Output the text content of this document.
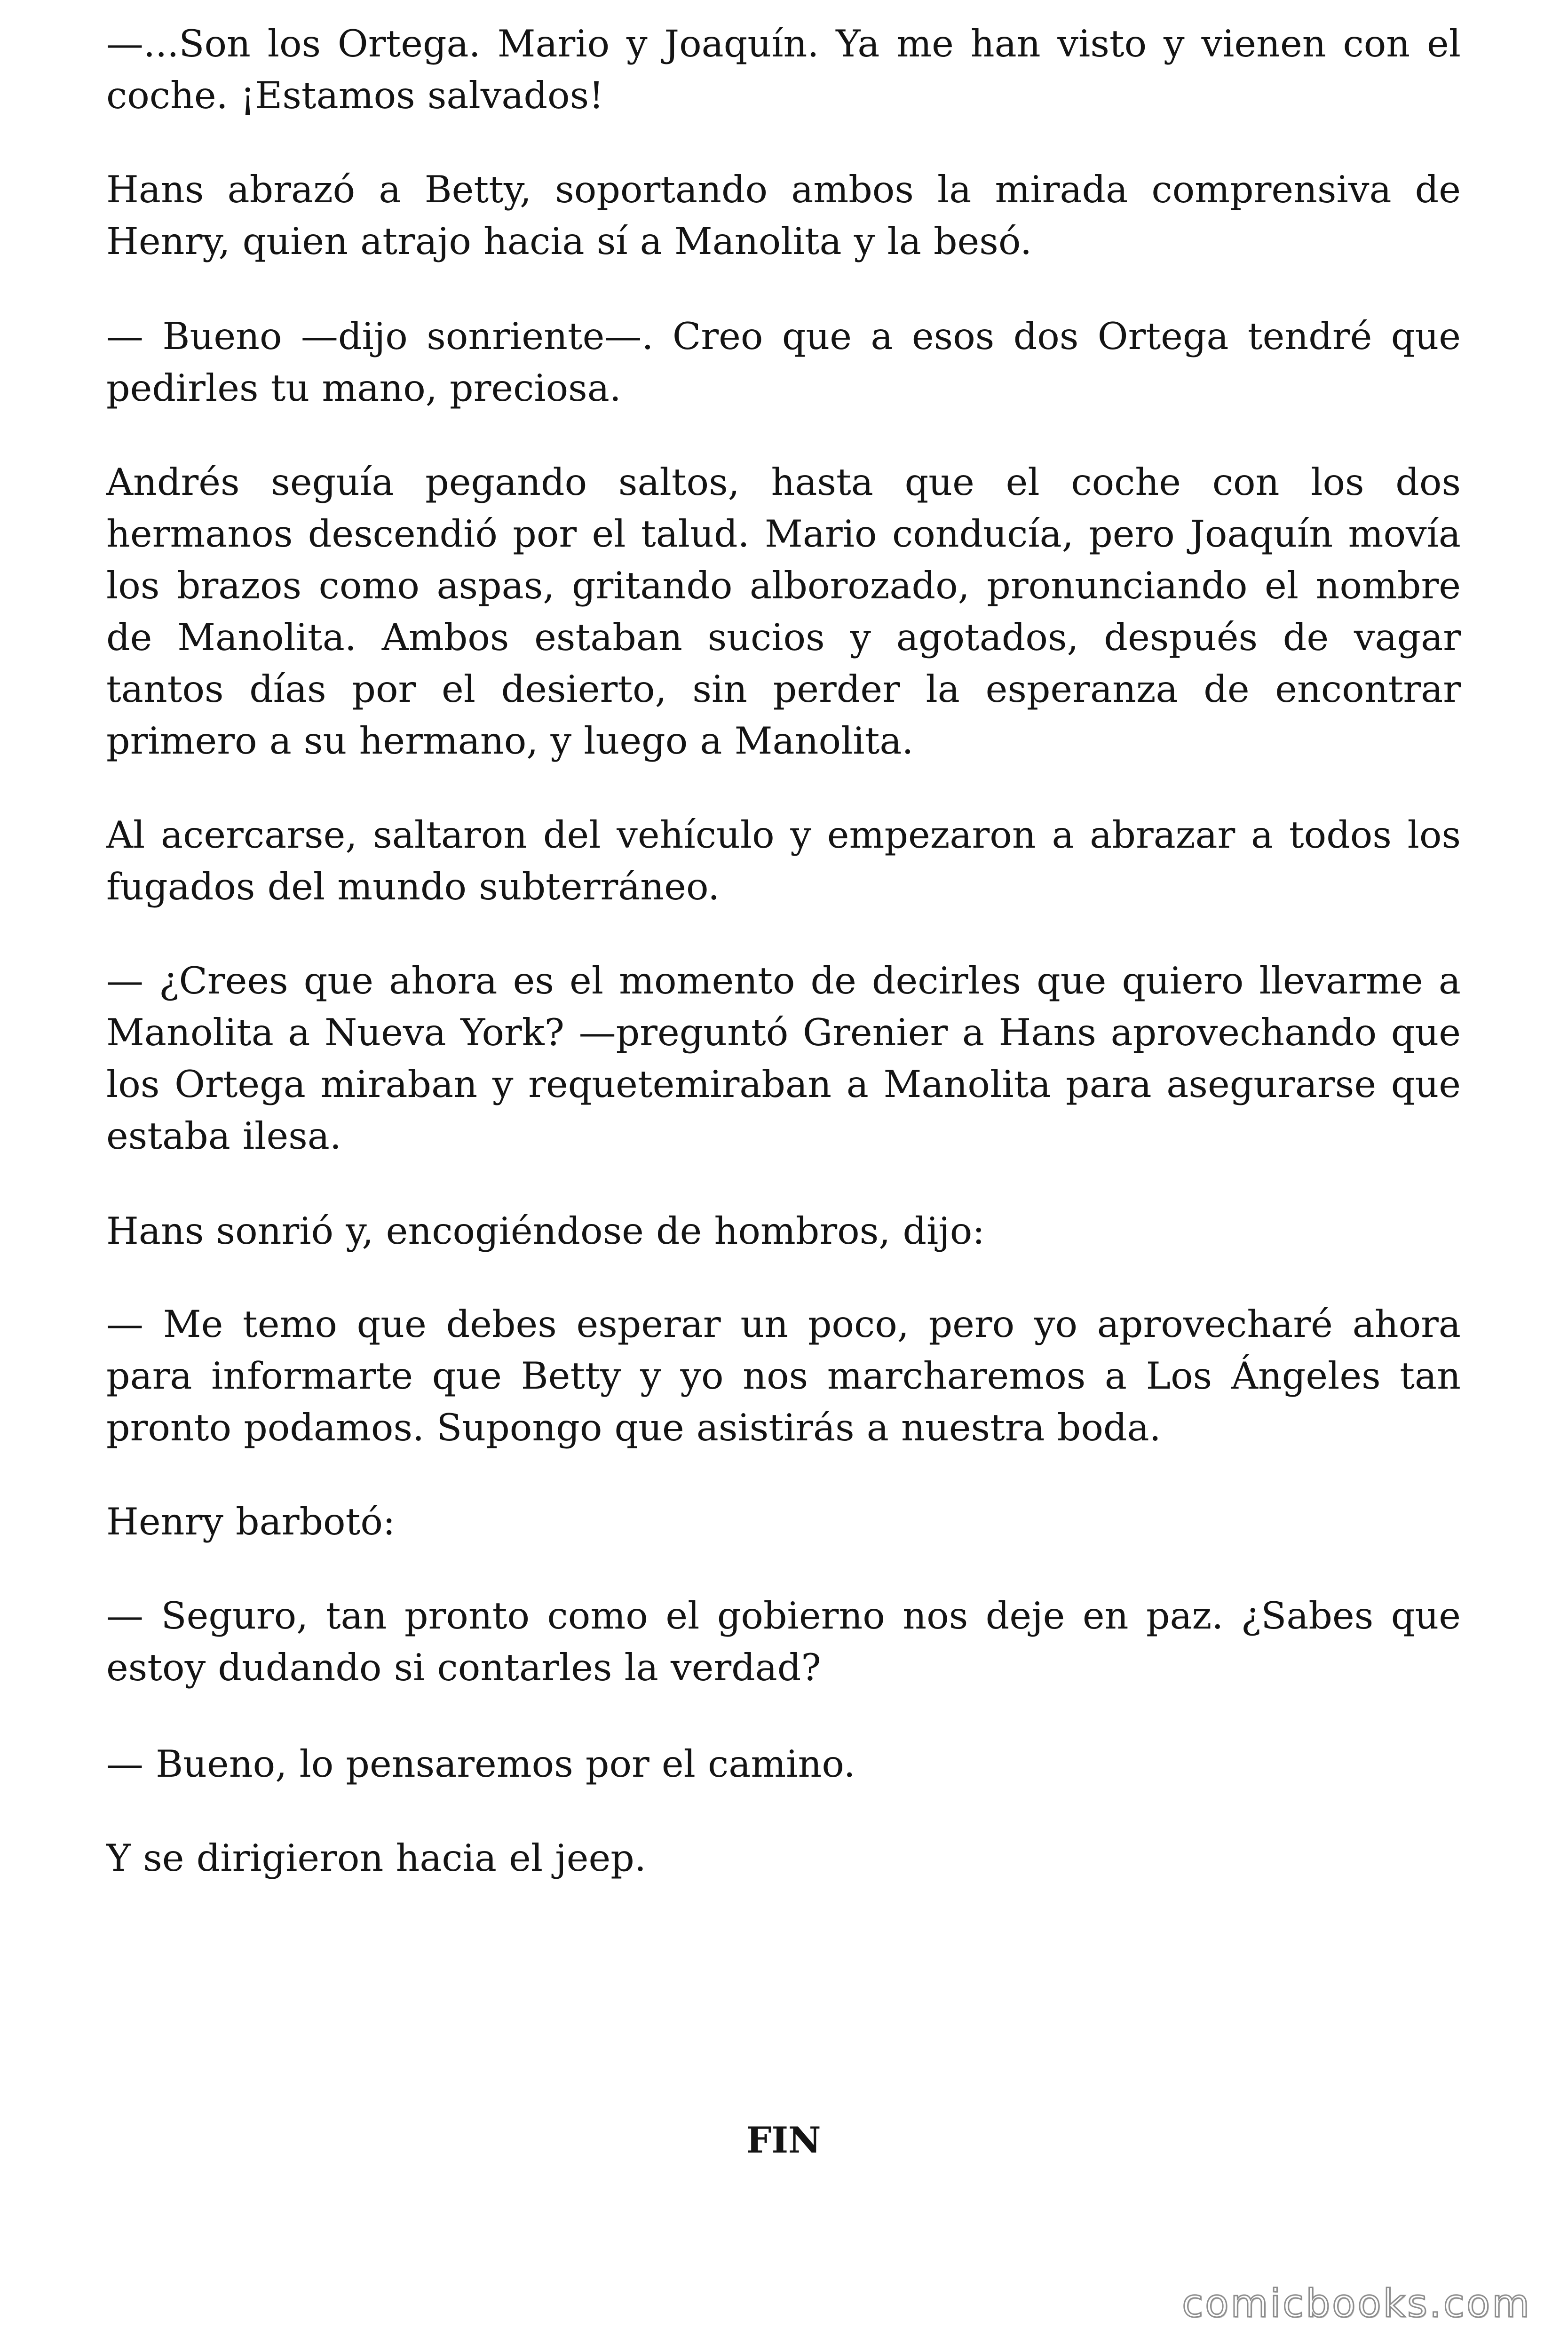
—...Son los Ortega. Mario y Joaquín. Ya me han visto y vienen con el coche. ¡Estamos salvados!

Hans abrazó a Betty, soportando ambos la mirada comprensiva de Henry, quien atrajo hacia sí a Manolita y la besó.

— Bueno —dijo sonriente—. Creo que a esos dos Ortega tendré que pedirles tu mano, preciosa.

Andrés seguía pegando saltos, hasta que el coche con los dos hermanos descendió por el talud. Mario conducía, pero Joaquín movía los brazos como aspas, gritando alborozado, pronunciando el nombre de Manolita. Ambos estaban sucios y agotados, después de vagar tantos días por el desierto, sin perder la esperanza de encontrar primero a su hermano, y luego a Manolita.

Al acercarse, saltaron del vehículo y empezaron a abrazar a todos los fugados del mundo subterráneo.

— ¿Crees que ahora es el momento de decirles que quiero llevarme a Manolita a Nueva York? —preguntó Grenier a Hans aprovechando que los Ortega miraban y requetemiraban a Manolita para asegurarse que estaba ilesa.

Hans sonrió y, encogiéndose de hombros, dijo:

— Me temo que debes esperar un poco, pero yo aprovecharé ahora para informarte que Betty y yo nos marcharemos a Los Ángeles tan pronto podamos. Supongo que asistirás a nuestra boda.

Henry barbotó:

— Seguro, tan pronto como el gobierno nos deje en paz. ¿Sabes que estoy dudando si contarles la verdad?

— Bueno, lo pensaremos por el camino.

Y se dirigieron hacia el jeep.

FIN

comicbooks.com
